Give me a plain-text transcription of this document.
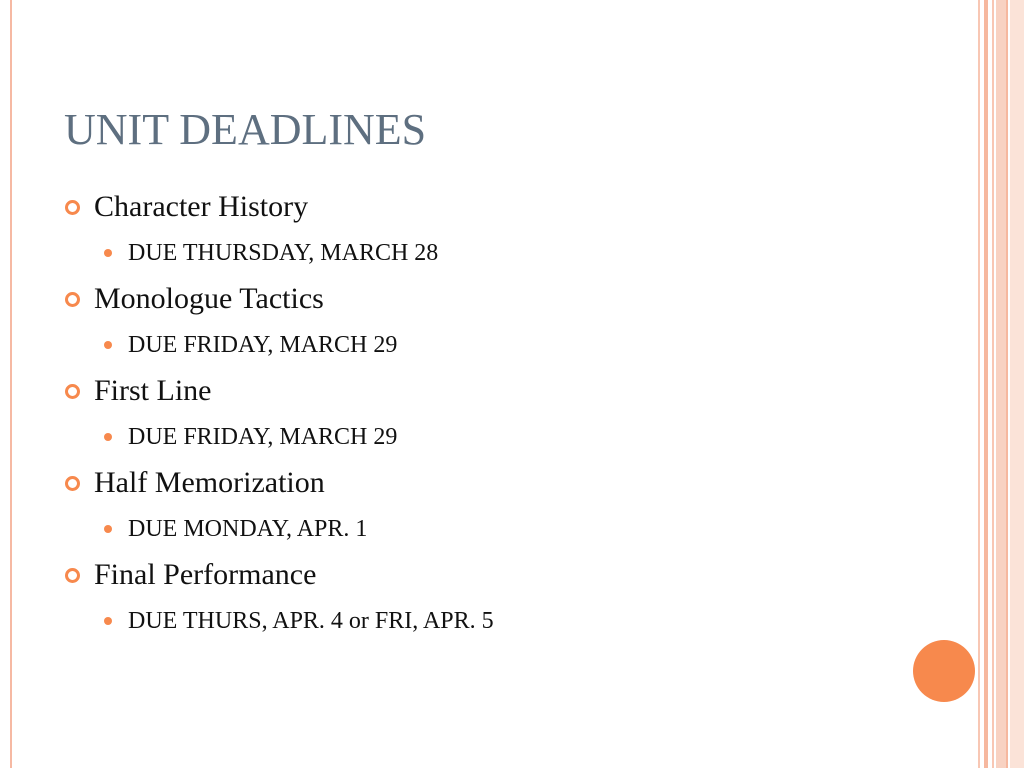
UNIT DEADLINES
Character History
DUE THURSDAY, MARCH 28
Monologue Tactics
DUE FRIDAY, MARCH 29
First Line
DUE FRIDAY, MARCH 29
Half Memorization
DUE MONDAY, APR. 1
Final Performance
DUE THURS, APR. 4 or FRI, APR. 5
